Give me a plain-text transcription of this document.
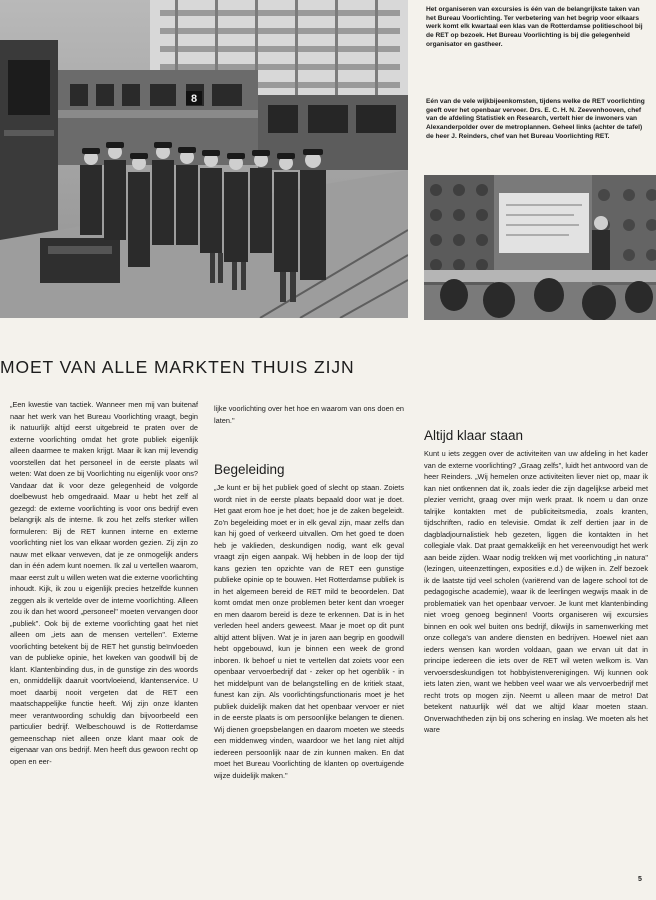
8

Het organiseren van excursies is één van de belangrijkste taken van het Bureau Voorlichting. Ter verbetering van het begrip voor elkaars werk komt elk kwartaal een klas van de Rotterdamse politieschool bij de RET op bezoek. Het Bureau Voorlichting is bij die gelegenheid organisator en gastheer.

Eén van de vele wijkbijeenkomsten, tijdens welke de RET voorlichting geeft over het openbaar vervoer. Drs. E. C. H. N. Zeevenhooven, chef van de afdeling Statistiek en Research, vertelt hier de inwoners van Alexanderpolder over de metroplannen. Geheel links (achter de tafel) de heer J. Reinders, chef van het Bureau Voorlichting RET.

MOET VAN ALLE MARKTEN THUIS ZIJN

„Een kwestie van tactiek. Wanneer men mij van buitenaf naar het werk van het Bureau Voorlichting vraagt, begin ik natuurlijk altijd eerst uitgebreid te praten over de externe voorlichting omdat het grote publiek eigenlijk alleen daarmee te maken krijgt. Maar ik kan mij levendig voorstellen dat het personeel in de eerste plaats wil weten: Wat doen ze bij Voorlichting nu eigenlijk voor ons? Vandaar dat ik voor deze gelegenheid de volgorde doelbewust heb omgedraaid. Maar u hebt het zelf al gezegd: de externe voorlichting is voor ons bedrijf even belangrijk als de interne. Ik zou het zelfs sterker willen formuleren: Bij de RET kunnen interne en externe voorlichting niet los van elkaar worden gezien. Zij zijn zo nauw met elkaar verweven, dat je ze onmogelijk anders dan in één adem kunt noemen. Ik zal u vertellen waarom, maar eerst zult u willen weten wat die externe voorlichting inhoudt. Kijk, ik zou u eigenlijk precies hetzelfde kunnen zeggen als ik vertelde over de interne voorlichting. Alleen zou ik dan het woord „personeel" moeten vervangen door „publiek". Ook bij de externe voorlichting gaat het niet alleen om „iets aan de mensen vertellen". Externe voorlichting betekent bij de RET het gunstig beïnvloeden van de publieke opinie, het kweken van goodwill bij de klant. Klantenbinding dus, in de gunstige zin des woords en, onmiddellijk daaruit voortvloeiend, klantenservice. U moet daarbij nooit vergeten dat de RET een maatschappelijke functie heeft. Wij zijn onze klanten meer verantwoording schuldig dan bijvoorbeeld een particulier bedrijf. Welbeschouwd is de Rotterdamse gemeenschap niet alleen onze klant maar ook de eigenaar van ons bedrijf. Men heeft dus gewoon recht op open en eer-

lijke voorlichting over het hoe en waarom van ons doen en laten."

Begeleiding

„Je kunt er bij het publiek goed of slecht op staan. Zoiets wordt niet in de eerste plaats bepaald door wat je doet. Het gaat erom hoe je het doet; hoe je de zaken begeleidt. Zo'n begeleiding moet er in elk geval zijn, maar zelfs dan kan hij goed of verkeerd uitvallen. Om het goed te doen heb je vaklieden, deskundigen nodig, want elk geval vraagt zijn eigen aanpak. Wij hebben in de loop der tijd kans gezien ten opzichte van de RET een gunstige publieke opinie op te bouwen. Het Rotterdamse publiek is in het algemeen bereid de RET mild te beoordelen. Dat komt omdat men onze problemen beter kent dan vroeger en men daarom bereid is deze te erkennen. Dat is in het verleden heel anders geweest. Maar je moet op dit punt altijd attent blijven. Wat je in jaren aan begrip en goodwill hebt opgebouwd, kun je binnen een week de grond inboren. Ik behoef u niet te vertellen dat zoiets voor een openbaar vervoerbedrijf dat - zeker op het ogenblik - in het middelpunt van de belangstelling en de kritiek staat, funest kan zijn. Als voorlichtingsfunctionaris moet je het publiek duidelijk maken dat het openbaar vervoer er niet in de eerste plaats is om persoonlijke belangen te dienen. Wij dienen groepsbelangen en daarom moeten we steeds een middenweg vinden, waardoor we het lang niet altijd iedereen persoonlijk naar de zin kunnen maken. En dat moet het Bureau Voorlichting de klanten op overtuigende wijze duidelijk maken."

Altijd klaar staan

Kunt u iets zeggen over de activiteiten van uw afdeling in het kader van de externe voorlichting? „Graag zelfs", luidt het antwoord van de heer Reinders. „Wij hemelen onze activiteiten liever niet op, maar ik kan niet ontkennen dat ik, zoals ieder die zijn dagelijkse arbeid met plezier verricht, graag over mijn werk praat. Ik noem u dan onze talrijke kontakten met de publiciteitsmedia, zoals kranten, tijdschriften, radio en televisie. Omdat ik zelf dertien jaar in de dagbladjournalistiek heb gezeten, liggen die kontakten in het collegiale vlak. Dat praat gemakkelijk en het vereenvoudigt het werk aan beide zijden. Waar nodig trekken wij met voorlichting „in natura" (lezingen, uiteenzettingen, exposities e.d.) de wijken in. Zelf bezoek ik de laatste tijd veel scholen (variërend van de lagere school tot de pedagogische academie), waar ik de leerlingen wegwijs maak in de problematiek van het openbaar vervoer. Je kunt met klantenbinding niet vroeg genoeg beginnen! Voorts organiseren wij excursies binnen en ook wel buiten ons bedrijf, dikwijls in samenwerking met onze collega's van andere diensten en bedrijven. Hoewel niet aan ieders wensen kan worden voldaan, gaan we ervan uit dat in principe iedereen die iets over de RET wil weten welkom is. Van vervoersdeskundigen tot hobbyistenverenigingen. Wij kunnen ook iets laten zien, want we hebben veel waar we als vervoerbedrijf met recht trots op mogen zijn. Neemt u alleen maar de metro! Dat betekent natuurlijk wél dat we altijd klaar moeten staan. Onverwachtheden zijn bij ons schering en inslag. We moeten als het ware

5
